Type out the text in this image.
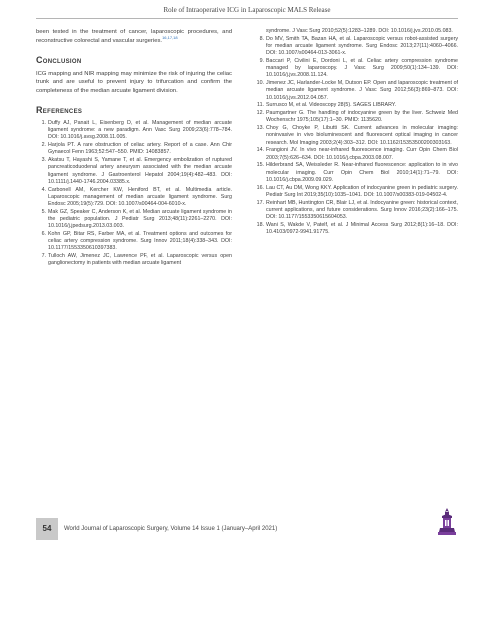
Role of Intraoperative ICG in Laparoscopic MALS Release

been tested in the treatment of cancer, laparoscopic procedures, and reconstructive colorectal and vascular surgeries.$^{16,17,18}$

Conclusion

ICG mapping and NIR mapping may minimize the risk of injuring the celiac trunk and are useful to prevent injury to trifurcation and confirm the completeness of the median arcuate ligament division.

References
1. Duffy AJ, Panait L, Eisenberg D, et al. Management of median arcuate ligament syndrome: a new paradigm. Ann Vasc Surg 2009;23(6):778–784. DOI: 10.1016/j.avsg.2008.11.005.
2. Harjola PT. A rare obstruction of celiac artery. Report of a case. Ann Chir Gynaecol Fenn 1963;52:547–550. PMID: 14083857.
3. Akatsu T, Hayashi S, Yamane T, et al. Emergency embolization of ruptured pancreaticoduodenal artery aneurysm associated with the median arcuate ligament syndrome. J Gastroenterol Hepatol 2004;19(4):482–483. DOI: 10.1111/j.1440-1746.2004.03385.x.
4. Carbonell AM, Kercher KW, Heniford BT, et al. Multimedia article. Laparoscopic management of median arcuate ligament syndrome. Surg Endosc 2005;19(5):729. DOI: 10.1007/s00464-004-6010-x.
5. Mak GZ, Speaker C, Anderson K, et al. Median arcuate ligament syndrome in the pediatric population. J Pediatr Surg 2013;48(11):2261–2270. DOI: 10.1016/j.jpedsurg.2013.03.003.
6. Kohn GP, Bitar RS, Farber MA, et al. Treatment options and outcomes for celiac artery compression syndrome. Surg Innov 2011;18(4):338–343. DOI: 10.1177/1553350610397383.
7. Tulloch AW, Jimenez JC, Lawrence PF, et al. Laparoscopic versus open ganglionectomy in patients with median arcuate ligament
syndrome. J Vasc Surg 2010;52(5):1283–1289. DOI: 10.1016/j.jvs.2010.05.083.
8. Do MV, Smith TA, Bazan HA, et al. Laparoscopic versus robot-assisted surgery for median arcuate ligament syndrome. Surg Endosc 2013;27(11):4060–4066. DOI: 10.1007/s00464-013-3061-x.
9. Baccari P, Civilini E, Dordoni L, et al. Celiac artery compression syndrome managed by laparoscopy. J Vasc Surg 2009;50(1):134–139. DOI: 10.1016/j.jvs.2008.11.124.
10. Jimenez JC, Harlander-Locke M, Dutson EP. Open and laparoscopic treatment of median arcuate ligament syndrome. J Vasc Surg 2012;56(3):869–873. DOI: 10.1016/j.jvs.2012.04.057.
11. Surrusco M, et al. Videoscopy 28(5). SAGES LIBRARY.
12. Paumgartner G. The handling of indocyanine green by the liver. Schweiz Med Wochenschr 1975;105(17):1–30. PMID: 1135620.
13. Choy G, Choyke P, Libutti SK. Current advances in molecular imaging: noninvasive in vivo bioluminescent and fluorescent optical imaging in cancer research. Mol Imaging 2003;2(4):303–312. DOI: 10.1162/15353500200303163.
14. Frangioni JV. In vivo near-infrared fluorescence imaging. Curr Opin Chem Biol 2003;7(5):626–634. DOI: 10.1016/j.cbpa.2003.08.007.
15. Hilderbrand SA, Weissleder R. Near-infrared fluorescence: application to in vivo molecular imaging. Curr Opin Chem Biol 2010;14(1):71–79. DOI: 10.1016/j.cbpa.2009.09.029.
16. Lau CT, Au DM, Wong KKY. Application of indocyanine green in pediatric surgery. Pediatr Surg Int 2019;35(10):1035–1041. DOI: 10.1007/s00383-019-04502-4.
17. Reinhart MB, Huntington CR, Blair LJ, et al. Indocyanine green: historical context, current applications, and future considerations. Surg Innov 2016;23(2):166–175. DOI: 10.1177/1553350615604053.
18. Wani S, Wakde V, Patelf, et al. J Minimal Access Surg 2012;8(1):16–18. DOI: 10.4103/0972-9941.91775.
54	World Journal of Laparoscopic Surgery, Volume 14 Issue 1 (January–April 2021)
